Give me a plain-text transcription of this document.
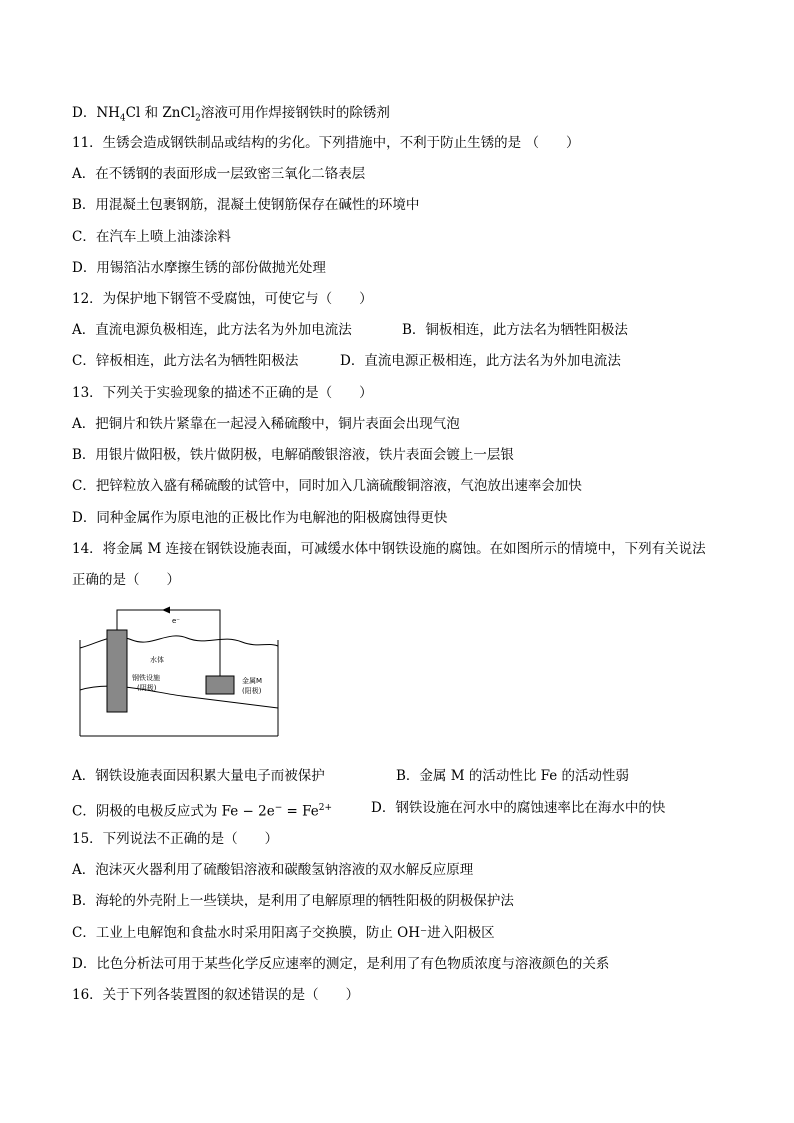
D．$NH_4Cl$ 和 ZnCl$_2$溶液可用作焊接钢铁时的除锈剂
11．生锈会造成钢铁制品或结构的劣化。下列措施中，不利于防止生锈的是 （　　）
A．在不锈钢的表面形成一层致密三氧化二铬表层
B．用混凝土包裹钢筋，混凝土使钢筋保存在碱性的环境中
C．在汽车上喷上油漆涂料
D．用锡箔沾水摩擦生锈的部份做抛光处理
12．为保护地下钢管不受腐蚀，可使它与（　　）
A．直流电源负极相连，此方法名为外加电流法	B．铜板相连，此方法名为牺牲阳极法
C．锌板相连，此方法名为牺牲阳极法	D．直流电源正极相连，此方法名为外加电流法
13．下列关于实验现象的描述不正确的是（　　）
A．把铜片和铁片紧靠在一起浸入稀硫酸中，铜片表面会出现气泡
B．用银片做阳极，铁片做阴极，电解硝酸银溶液，铁片表面会镀上一层银
C．把锌粒放入盛有稀硫酸的试管中，同时加入几滴硫酸铜溶液，气泡放出速率会加快
D．同种金属作为原电池的正极比作为电解池的阳极腐蚀得更快
14．将金属 M 连接在钢铁设施表面，可减缓水体中钢铁设施的腐蚀。在如图所示的情境中，下列有关说法
正确的是（　　）
e⁻
水体
钢铁设施
(阴极)
金属M
(阳极)
A．钢铁设施表面因积累大量电子而被保护	B．金属 M 的活动性比 Fe 的活动性弱
C．阴极的电极反应式为 $Fe - 2e^- = Fe^{2+}$	D．钢铁设施在河水中的腐蚀速率比在海水中的快
15．下列说法不正确的是（　　）
A．泡沫灭火器利用了硫酸铝溶液和碳酸氢钠溶液的双水解反应原理
B．海轮的外壳附上一些镁块，是利用了电解原理的牺牲阳极的阴极保护法
C．工业上电解饱和食盐水时采用阳离子交换膜，防止 OH⁻进入阳极区
D．比色分析法可用于某些化学反应速率的测定，是利用了有色物质浓度与溶液颜色的关系
16．关于下列各装置图的叙述错误的是（　　）
